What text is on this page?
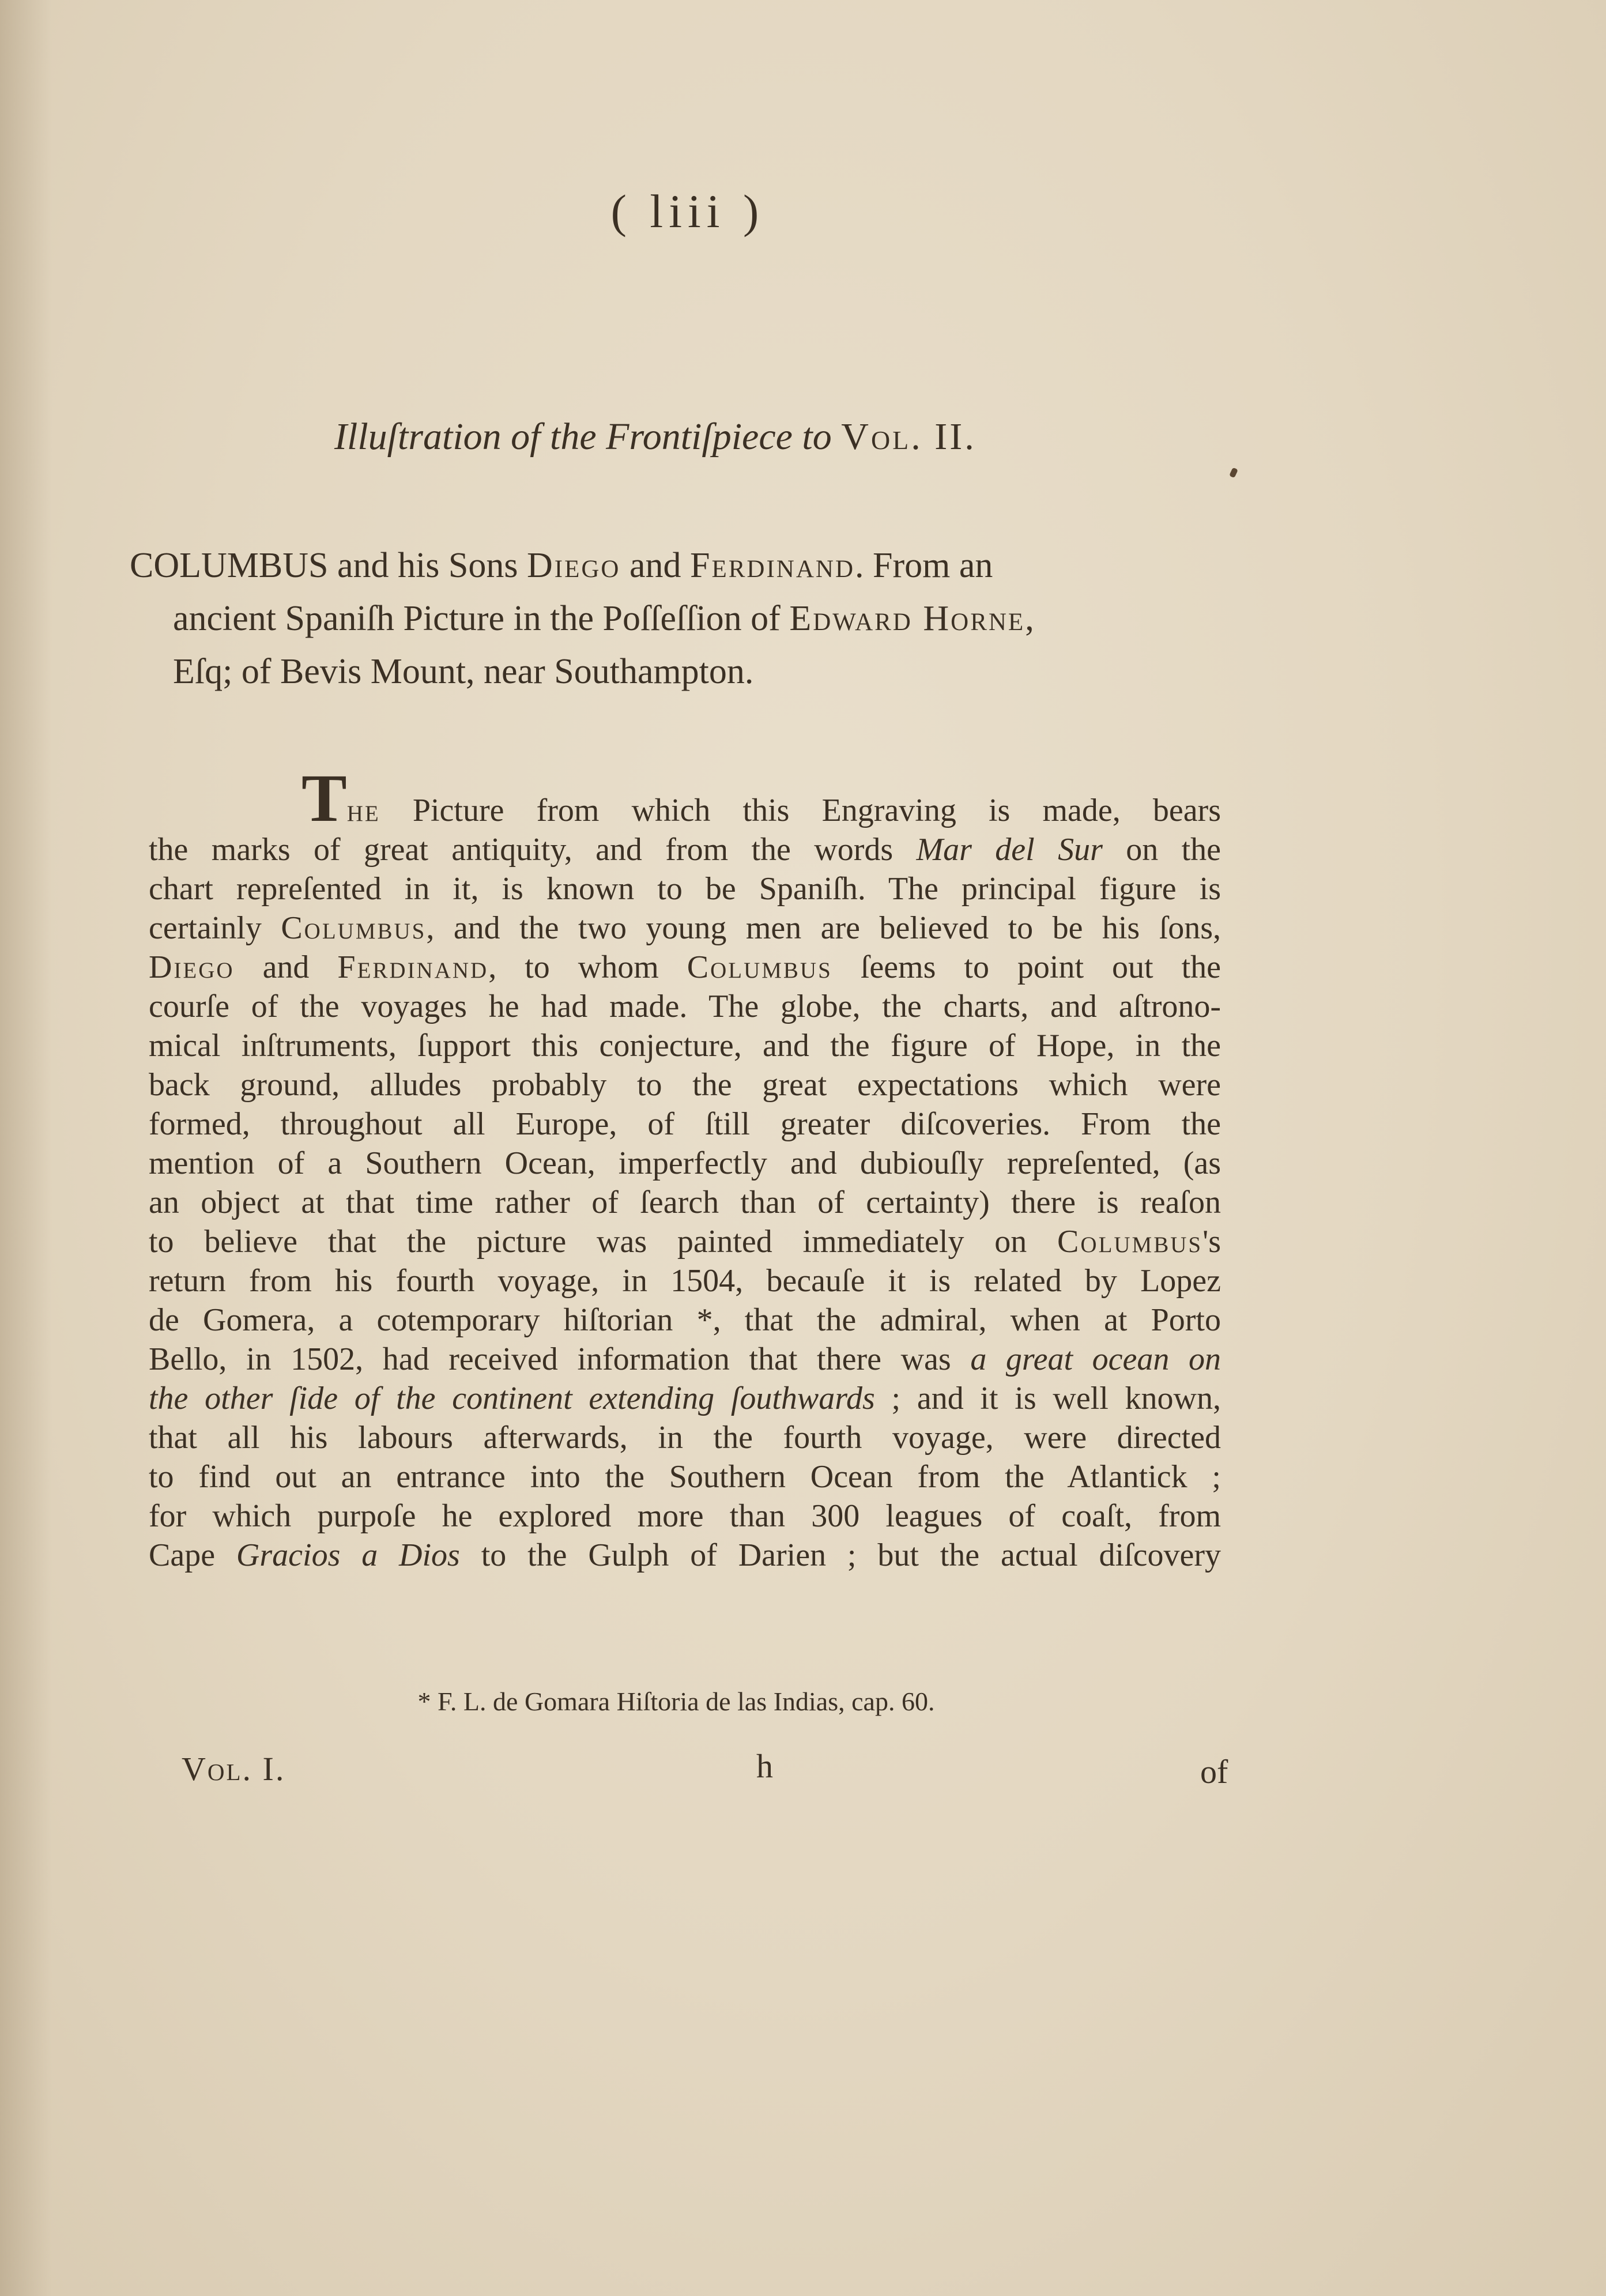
( liii )
Illuſtration of the Frontiſpiece to Vol. II.
COLUMBUS and his Sons Diego and Ferdinand. From an
ancient Spaniſh Picture in the Poſſeſſion of Edward Horne,
Eſq; of Bevis Mount, near Southampton.
The Picture from which this Engraving is made, bears
the marks of great antiquity, and from the words Mar del Sur on the
chart repreſented in it, is known to be Spaniſh. The principal figure is
certainly Columbus, and the two young men are believed to be his ſons,
Diego and Ferdinand, to whom Columbus ſeems to point out the
courſe of the voyages he had made. The globe, the charts, and aſtrono-
mical inſtruments, ſupport this conjecture, and the figure of Hope, in the
back ground, alludes probably to the great expectations which were
formed, throughout all Europe, of ſtill greater diſcoveries. From the
mention of a Southern Ocean, imperfectly and dubiouſly repreſented, (as
an object at that time rather of ſearch than of certainty) there is reaſon
to believe that the picture was painted immediately on Columbus's
return from his fourth voyage, in 1504, becauſe it is related by Lopez
de Gomera, a cotemporary hiſtorian *, that the admiral, when at Porto
Bello, in 1502, had received information that there was a great ocean on
the other ſide of the continent extending ſouthwards ; and it is well known,
that all his labours afterwards, in the fourth voyage, were directed
to find out an entrance into the Southern Ocean from the Atlantick ;
for which purpoſe he explored more than 300 leagues of coaſt, from
Cape Gracios a Dios to the Gulph of Darien ; but the actual diſcovery
* F. L. de Gomara Hiſtoria de las Indias, cap. 60.
Vol. I.	h	of
